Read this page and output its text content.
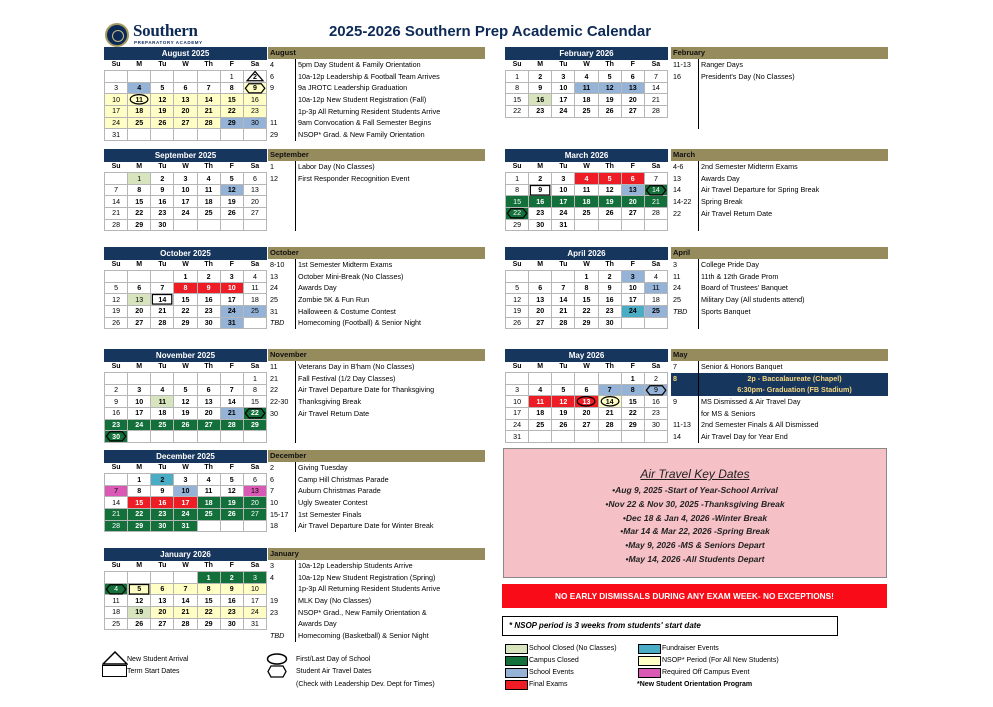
Southern
PREPARATORY ACADEMY
2025-2026 Southern Prep Academic Calendar
August 2025
Su	M	Tu	W	Th	F	Sa
					1	2
3	4	5	6	7	8	9
10	11	12	13	14	15	16
17	18	19	20	21	22	23
24	25	26	27	28	29	30
31						
September 2025
Su	M	Tu	W	Th	F	Sa
	1	2	3	4	5	6
7	8	9	10	11	12	13
14	15	16	17	18	19	20
21	22	23	24	25	26	27
28	29	30				
October 2025
Su	M	Tu	W	Th	F	Sa
			1	2	3	4
5	6	7	8	9	10	11
12	13	14	15	16	17	18
19	20	21	22	23	24	25
26	27	28	29	30	31	
November 2025
Su	M	Tu	W	Th	F	Sa
						1
2	3	4	5	6	7	8
9	10	11	12	13	14	15
16	17	18	19	20	21	22
23	24	25	26	27	28	29

30						
December 2025
Su	M	Tu	W	Th	F	Sa
	1	2	3	4	5	6
7	8	9	10	11	12	13
14	15	16	17	18	19	20
21	22	23	24	25	26	27
28	29	30	31			
January 2026
Su	M	Tu	W	Th	F	Sa
				1	2	3

4	5	6	7	8	9	10
11	12	13	14	15	16	17
18	19	20	21	22	23	24
25	26	27	28	29	30	31
February 2026
Su	M	Tu	W	Th	F	Sa
1	2	3	4	5	6	7
8	9	10	11	12	13	14
15	16	17	18	19	20	21
22	23	24	25	26	27	28
March 2026
Su	M	Tu	W	Th	F	Sa
1	2	3	4	5	6	7
8	9	10	11	12	13	14
15	16	17	18	19	20	21

22	23	24	25	26	27	28
29	30	31				
April 2026
Su	M	Tu	W	Th	F	Sa
			1	2	3	4
5	6	7	8	9	10	11
12	13	14	15	16	17	18
19	20	21	22	23	24	25
26	27	28	29	30		
May 2026
Su	M	Tu	W	Th	F	Sa
					1	2
3	4	5	6	7	8	9
10	11	12	13	14	15	16
17	18	19	20	21	22	23
24	25	26	27	28	29	30
31						
August
4	5pm Day Student & Family Orientation
6	10a-12p Leadership & Football Team Arrives
9	9a JROTC Leadership Graduation
10a-12p New Student Registration (Fall)
1p-3p All Returning Resident Students Arrive
11	9am Convocation & Fall Semester Begins
29	NSOP* Grad. & New Family Orientation
September
1	Labor Day (No Classes)
12	First Responder Recognition Event
October
8-10	1st Semester Midterm Exams
13	October Mini-Break (No Classes)
24	Awards Day
25	Zombie 5K & Fun Run
31	Halloween & Costume Contest
TBD	Homecoming (Football) & Senior Night
November
11	Veterans Day in B'ham (No Classes)
21	Fall Festival (1/2 Day Classes)
22	Air Travel Departure Date for Thanksgiving
22-30	Thanksgiving Break
30	Air Travel Return Date
December
2	Giving Tuesday
6	Camp Hill Christmas Parade
7	Auburn Christmas Parade
10	Ugly Sweater Contest
15-17	1st Semester Finals
18	Air Travel Departure Date for Winter Break
January
3	10a-12p Leadership Students Arrive
4	10a-12p New Student Registration (Spring)
1p-3p All Returning Resident Students Arrive
19	MLK Day (No Classes)
23	NSOP* Grad., New Family Orientation &
Awards Day
TBD	Homecoming (Basketball) & Senior Night
February
11-13	Ranger Days
16	President's Day (No Classes)
March
4-6	2nd Semester Midterm Exams
13	Awards Day
14	Air Travel Departure for Spring Break
14-22	Spring Break
22	Air Travel Return Date
April
3	College Pride Day
11	11th & 12th Grade Prom
24	Board of Trustees' Banquet
25	Military Day (All students attend)
TBD	Sports Banquet
May
7	Senior & Honors Banquet
8	2p - Baccalaureate (Chapel)
6:30pm- Graduation (FB Stadium)
9	MS Dismissed & Air Travel Day
for MS & Seniors
11-13	2nd Semester Finals & All Dismissed
14	Air Travel Day for Year End
Air Travel Key Dates
•Aug 9, 2025 -Start of Year-School Arrival
•Nov 22 & Nov 30, 2025 -Thanksgiving Break
•Dec 18 & Jan 4, 2026 -Winter Break
•Mar 14 & Mar 22, 2026 -Spring Break
•May 9, 2026 -MS & Seniors Depart
•May 14, 2026 -All Students Depart
NO EARLY DISMISSALS DURING ANY EXAM WEEK- NO EXCEPTIONS!
* NSOP period is 3 weeks from students' start date
New Student Arrival
Term Start Dates
First/Last Day of School
Student Air Travel Dates
(Check with Leadership Dev. Dept for Times)
School Closed (No Classes)
Campus Closed
School Events
Final Exams
Fundraiser Events
NSOP* Period (For All New Students)
Required Off Campus Event
*New Student Orientation Program
